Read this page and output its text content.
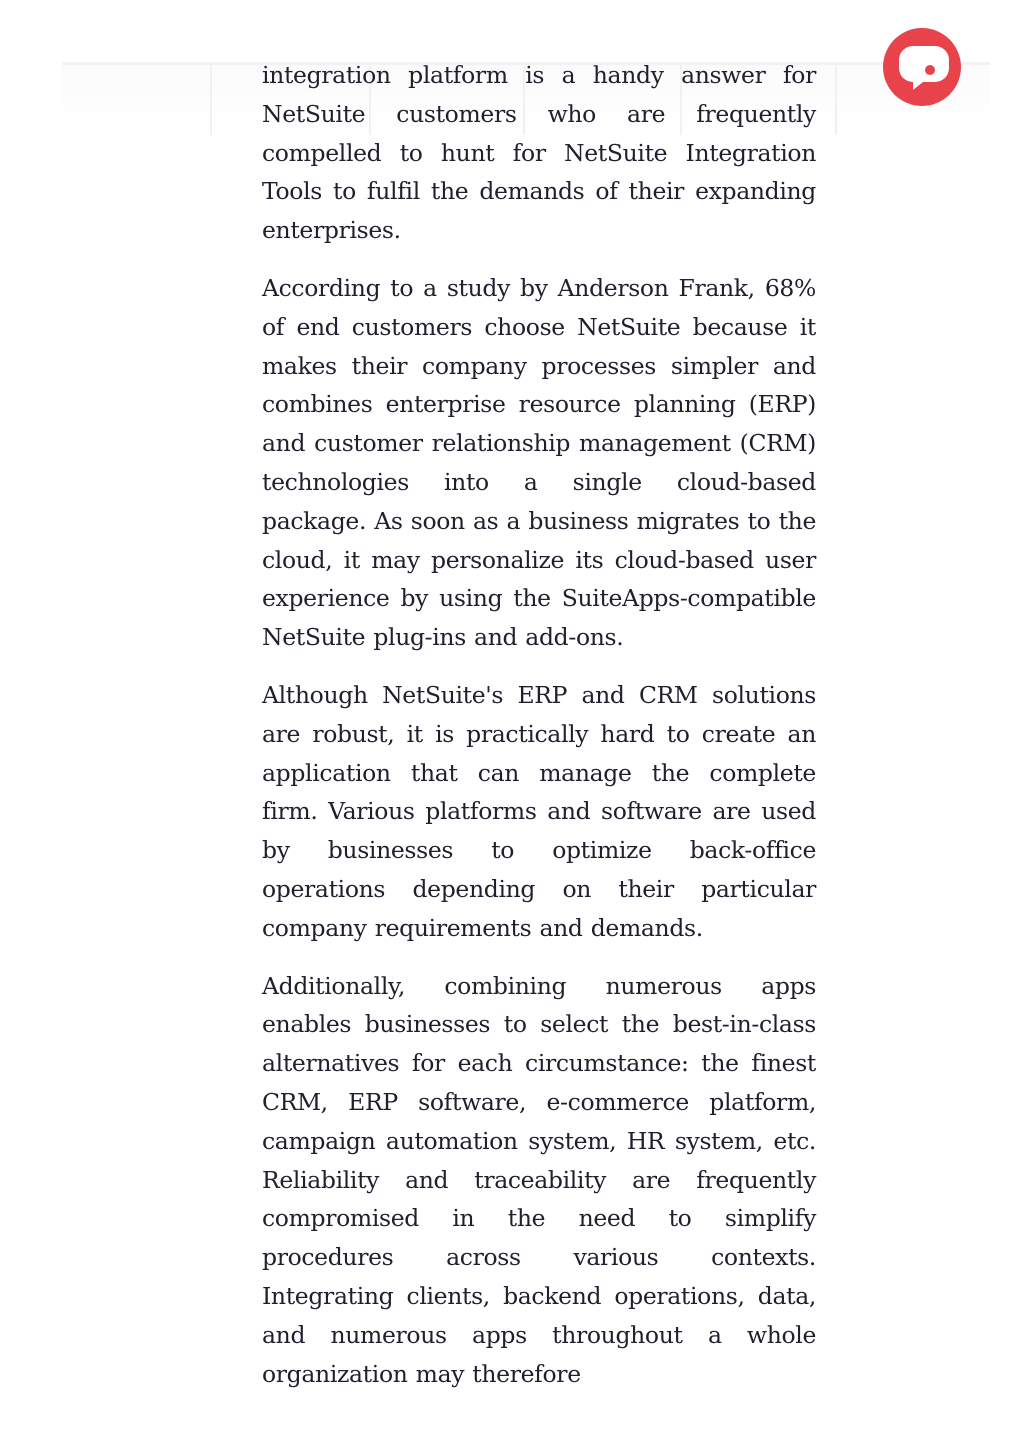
integration platform is a handy answer for NetSuite customers who are frequently compelled to hunt for NetSuite Integration Tools to fulfil the demands of their expanding enterprises.

According to a study by Anderson Frank, 68% of end customers choose NetSuite because it makes their company processes simpler and combines enterprise resource planning (ERP) and customer relationship management (CRM) technologies into a single cloud-based package. As soon as a business migrates to the cloud, it may personalize its cloud-based user experience by using the SuiteApps-compatible NetSuite plug-ins and add-ons.

Although NetSuite's ERP and CRM solutions are robust, it is practically hard to create an application that can manage the complete firm. Various platforms and software are used by businesses to optimize back-office operations depending on their particular company requirements and demands.

Additionally, combining numerous apps enables businesses to select the best-in-class alternatives for each circumstance: the finest CRM, ERP software, e-commerce platform, campaign automation system, HR system, etc. Reliability and traceability are frequently compromised in the need to simplify procedures across various contexts. Integrating clients, backend operations, data, and numerous apps throughout a whole organization may therefore
